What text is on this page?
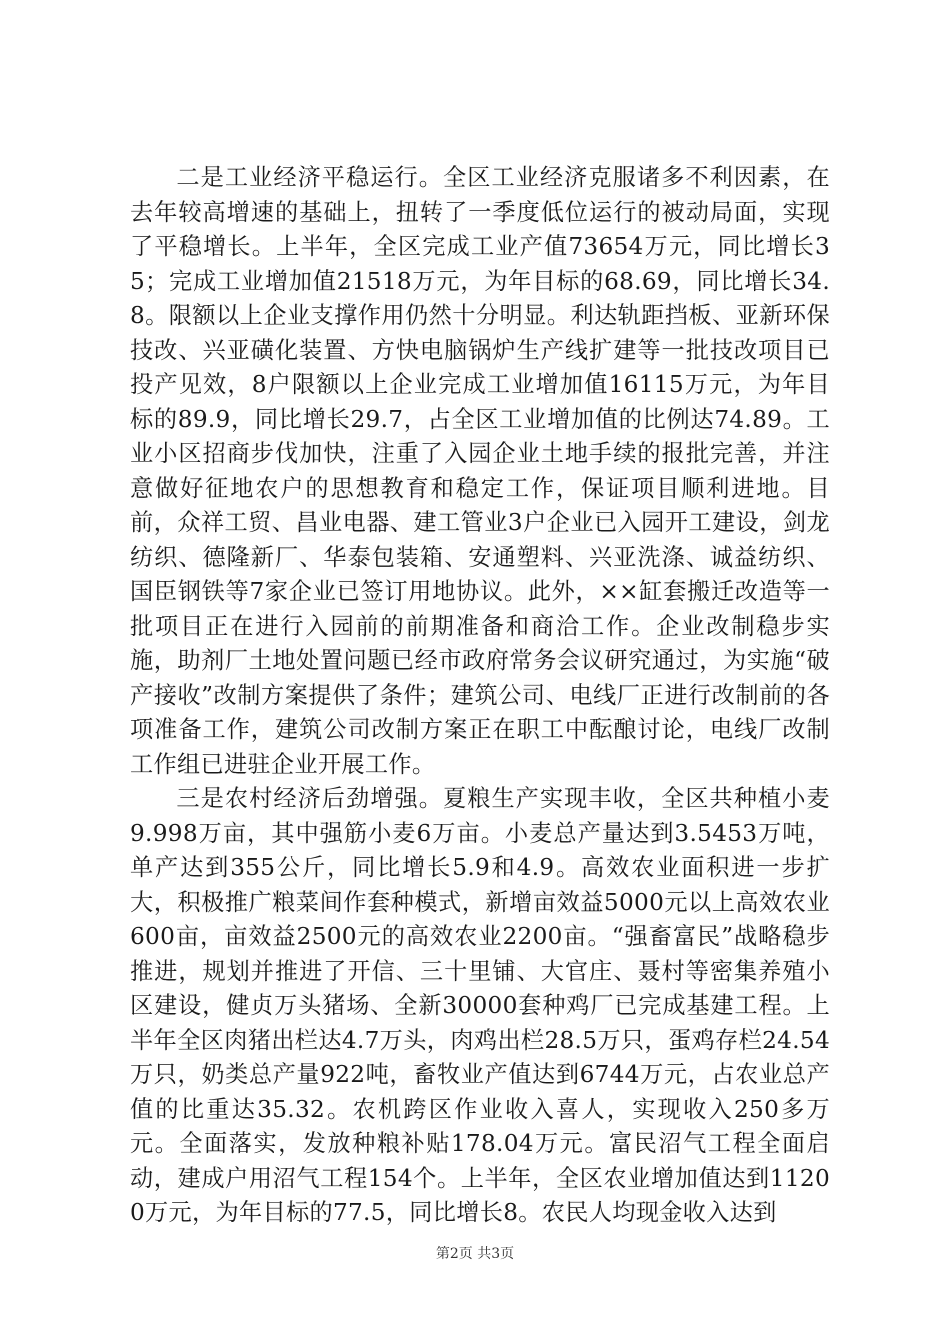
二是工业经济平稳运行。全区工业经济克服诸多不利因素，在去年较高增速的基础上，扭转了一季度低位运行的被动局面，实现了平稳增长。上半年，全区完成工业产值73654万元，同比增长35；完成工业增加值21518万元，为年目标的68.69，同比增长34.8。限额以上企业支撑作用仍然十分明显。利达轨距挡板、亚新环保技改、兴亚磺化装置、方快电脑锅炉生产线扩建等一批技改项目已投产见效，8户限额以上企业完成工业增加值16115万元，为年目标的89.9，同比增长29.7，占全区工业增加值的比例达74.89。工业小区招商步伐加快，注重了入园企业土地手续的报批完善，并注意做好征地农户的思想教育和稳定工作，保证项目顺利进地。目前，众祥工贸、昌业电器、建工管业3户企业已入园开工建设，剑龙纺织、德隆新厂、华泰包装箱、安通塑料、兴亚洗涤、诚益纺织、国臣钢铁等7家企业已签订用地协议。此外，××缸套搬迁改造等一批项目正在进行入园前的前期准备和商洽工作。企业改制稳步实施，助剂厂土地处置问题已经市政府常务会议研究通过，为实施“破产接收”改制方案提供了条件；建筑公司、电线厂正进行改制前的各项准备工作，建筑公司改制方案正在职工中酝酿讨论，电线厂改制工作组已进驻企业开展工作。

三是农村经济后劲增强。夏粮生产实现丰收，全区共种植小麦9.998万亩，其中强筋小麦6万亩。小麦总产量达到3.5453万吨，单产达到355公斤，同比增长5.9和4.9。高效农业面积进一步扩大，积极推广粮菜间作套种模式，新增亩效益5000元以上高效农业600亩，亩效益2500元的高效农业2200亩。“强畜富民”战略稳步推进，规划并推进了开信、三十里铺、大官庄、聂村等密集养殖小区建设，健贞万头猪场、全新30000套种鸡厂已完成基建工程。上半年全区肉猪出栏达4.7万头，肉鸡出栏28.5万只，蛋鸡存栏24.54万只，奶类总产量922吨，畜牧业产值达到6744万元，占农业总产值的比重达35.32。农机跨区作业收入喜人，实现收入250多万元。全面落实，发放种粮补贴178.04万元。富民沼气工程全面启动，建成户用沼气工程154个。上半年，全区农业增加值达到11200万元，为年目标的77.5，同比增长8。农民人均现金收入达到

第2页 共3页
